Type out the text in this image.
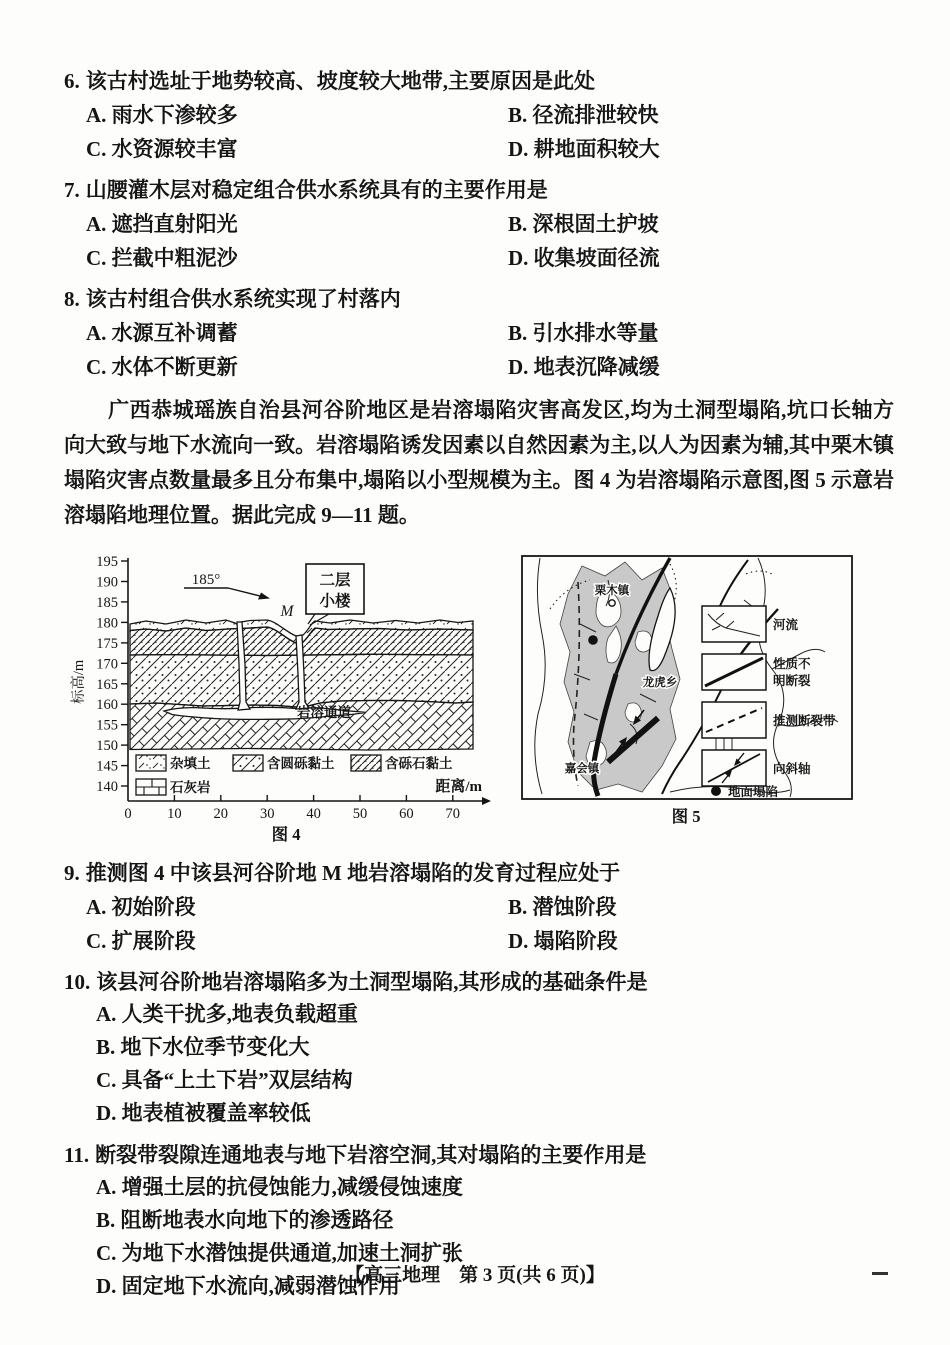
6. 该古村选址于地势较高、坡度较大地带,主要原因是此处
A. 雨水下渗较多	B. 径流排泄较快
C. 水资源较丰富	D. 耕地面积较大
7. 山腰灌木层对稳定组合供水系统具有的主要作用是
A. 遮挡直射阳光	B. 深根固土护坡
C. 拦截中粗泥沙	D. 收集坡面径流
8. 该古村组合供水系统实现了村落内
A. 水源互补调蓄	B. 引水排水等量
C. 水体不断更新	D. 地表沉降减缓

广西恭城瑶族自治县河谷阶地区是岩溶塌陷灾害高发区,均为土洞型塌陷,坑口长轴方向大致与地下水流向一致。岩溶塌陷诱发因素以自然因素为主,以人为因素为辅,其中栗木镇塌陷灾害点数量最多且分布集中,塌陷以小型规模为主。图 4 为岩溶塌陷示意图,图 5 示意岩溶塌陷地理位置。据此完成 9—11 题。

195
190
185
180
175
170
165
160
155
150
145
140
标高/m
0 10 20 30 40 50 60 70
距离/m
185°
岩溶通道
二层
小楼
M
杂填土	含圆砾黏土	含砾石黏土
石灰岩
图 4
栗木镇
龙虎乡
嘉会镇
河流
性质不
明断裂
推测断裂带
向斜轴
地面塌陷
图 5
9. 推测图 4 中该县河谷阶地 M 地岩溶塌陷的发育过程应处于
A. 初始阶段	B. 潜蚀阶段
C. 扩展阶段	D. 塌陷阶段
10. 该县河谷阶地岩溶塌陷多为土洞型塌陷,其形成的基础条件是
A. 人类干扰多,地表负载超重
B. 地下水位季节变化大
C. 具备“上土下岩”双层结构
D. 地表植被覆盖率较低
11. 断裂带裂隙连通地表与地下岩溶空洞,其对塌陷的主要作用是
A. 增强土层的抗侵蚀能力,减缓侵蚀速度
B. 阻断地表水向地下的渗透路径
C. 为地下水潜蚀提供通道,加速土洞扩张
D. 固定地下水流向,减弱潜蚀作用
【高三地理　第 3 页(共 6 页)】
